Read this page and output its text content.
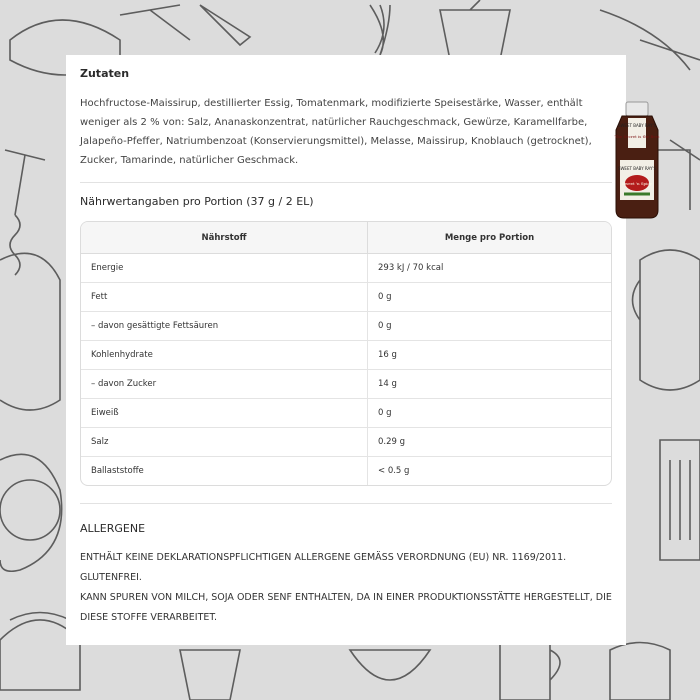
Zutaten

Hochfructose-Maissirup, destillierter Essig, Tomatenmark, modifizierte Speisestärke, Wasser, enthält weniger als 2 % von: Salz, Ananaskonzentrat, natürlicher Rauchgeschmack, Gewürze, Karamellfarbe, Jalapeño-Pfeffer, Natriumbenzoat (Konservierungsmittel), Melasse, Maissirup, Knoblauch (getrocknet), Zucker, Tamarinde, natürlicher Geschmack.

Nährwertangaben pro Portion (37 g / 2 EL)
Nährstoff	Menge pro Portion
Energie	293 kJ / 70 kcal
Fett	0 g
– davon gesättigte Fettsäuren	0 g
Kohlenhydrate	16 g
– davon Zucker	14 g
Eiweiß	0 g
Salz	0.29 g
Ballaststoffe	< 0.5 g
ALLERGENE

ENTHÄLT KEINE DEKLARATIONSPFLICHTIGEN ALLERGENE GEMÄSS VERORDNUNG (EU) NR. 1169/2011. GLUTENFREI.

KANN SPUREN VON MILCH, SOJA ODER SENF ENTHALTEN, DA IN EINER PRODUKTIONSSTÄTTE HERGESTELLT, DIE DIESE STOFFE VERARBEITET.

SWEET BABY RAY'S
The Secret is the Best
SWEET BABY RAY'S
Sweet 'n Spicy
